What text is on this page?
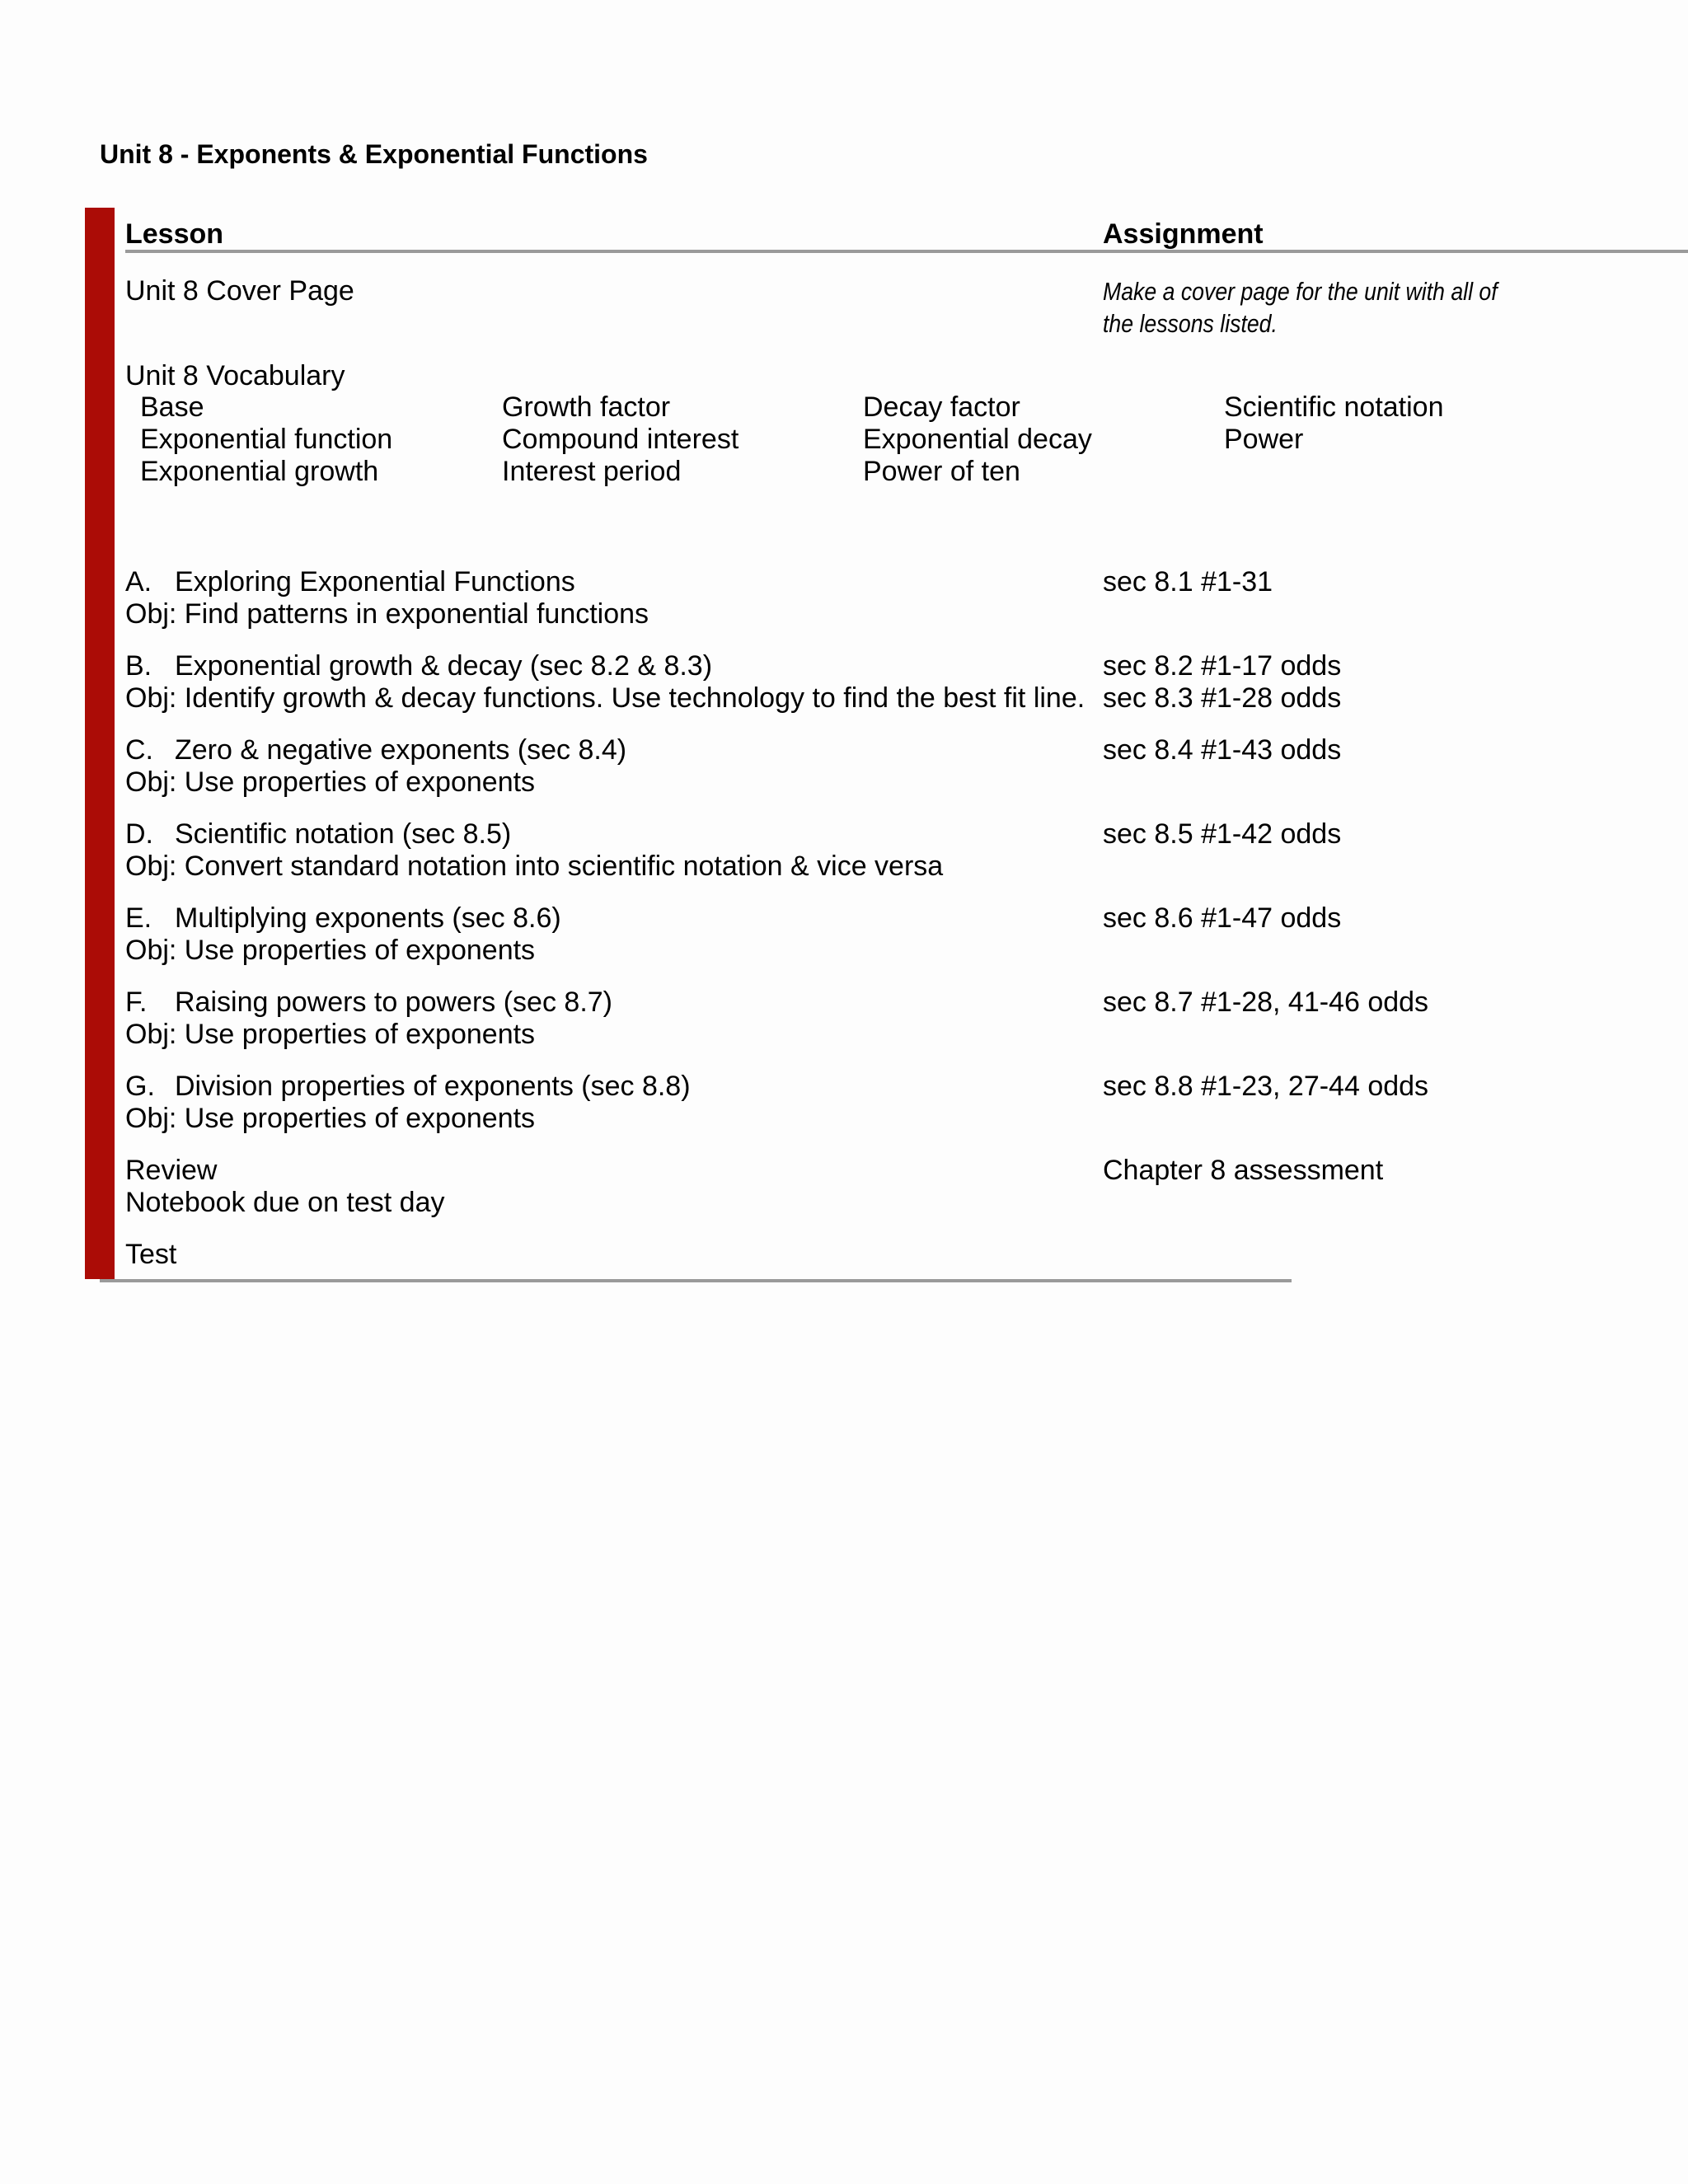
Unit 8 - Exponents & Exponential Functions
Lesson	Assignment
Unit 8 Cover Page	Make a cover page for the unit with all of the lessons listed.
Unit 8 Vocabulary
Base
Exponential function
Exponential growth
Growth factor
Compound interest
Interest period
Decay factor
Exponential decay
Power of ten
Scientific notation
Power
A. Exploring Exponential Functions
Obj: Find patterns in exponential functions
sec 8.1 #1-31
B. Exponential growth & decay (sec 8.2 & 8.3)
Obj: Identify growth & decay functions. Use technology to find the best fit line.
sec 8.2 #1-17 odds
sec 8.3 #1-28 odds
C. Zero & negative exponents (sec 8.4)
Obj: Use properties of exponents
sec 8.4 #1-43 odds
D. Scientific notation (sec 8.5)
Obj: Convert standard notation into scientific notation & vice versa
sec 8.5 #1-42 odds
E. Multiplying exponents (sec 8.6)
Obj: Use properties of exponents
sec 8.6 #1-47 odds
F. Raising powers to powers (sec 8.7)
Obj: Use properties of exponents
sec 8.7 #1-28, 41-46 odds
G. Division properties of exponents (sec 8.8)
Obj: Use properties of exponents
sec 8.8 #1-23, 27-44 odds
Review
Notebook due on test day
Chapter 8 assessment
Test
